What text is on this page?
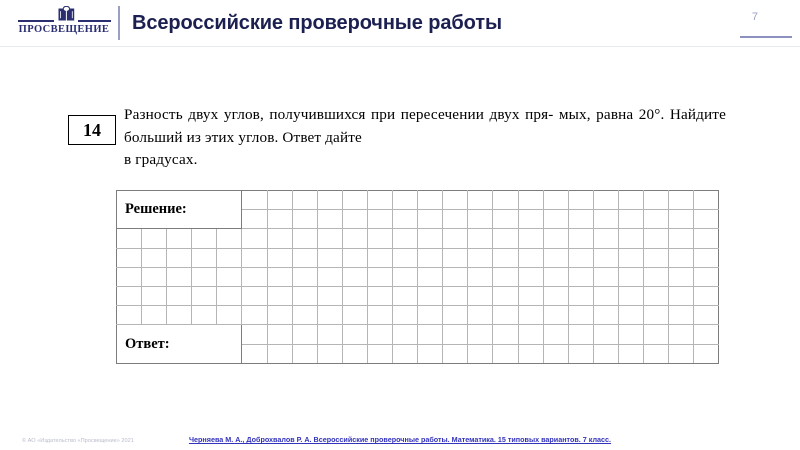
ПРОСВЕЩЕНИЕ Всероссийские проверочные работы	7
14
Разность двух углов, получившихся при пересечении двух пря- мых, равна 20°. Найдите больший из этих углов. Ответ дайте
в градусах.
Решение:																							

Ответ:																							

© АО «Издательство «Просвещение» 2021	Черняева М. А., Доброхвалов Р. А. Всероссийские проверочные работы. Математика. 15 типовых вариантов. 7 класс.
